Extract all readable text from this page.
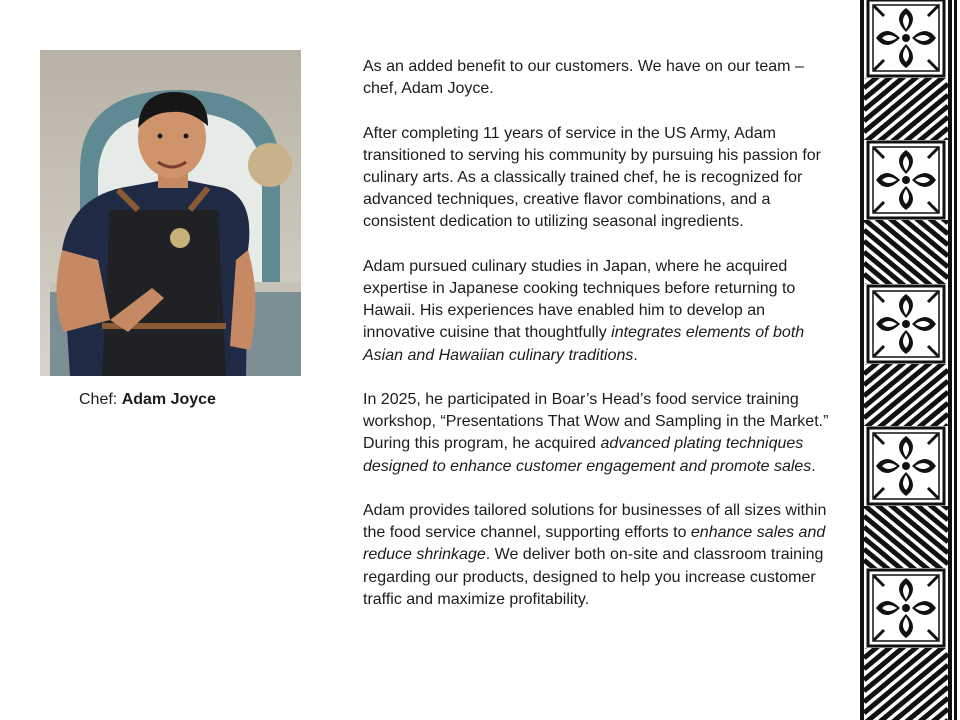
Chef: Adam Joyce

As an added benefit to our customers. We have on our team – chef, Adam Joyce.

After completing 11 years of service in the US Army, Adam transitioned to serving his community by pursuing his passion for culinary arts. As a classically trained chef, he is recognized for advanced techniques, creative flavor combinations, and a consistent dedication to utilizing seasonal ingredients.

Adam pursued culinary studies in Japan, where he acquired expertise in Japanese cooking techniques before returning to Hawaii. His experiences have enabled him to develop an innovative cuisine that thoughtfully integrates elements of both Asian and Hawaiian culinary traditions.

In 2025, he participated in Boar’s Head’s food service training workshop, “Presentations That Wow and Sampling in the Market.” During this program, he acquired advanced plating techniques designed to enhance customer engagement and promote sales.

Adam provides tailored solutions for businesses of all sizes within the food service channel, supporting efforts to enhance sales and reduce shrinkage. We deliver both on-site and classroom training regarding our products, designed to help you increase customer traffic and maximize profitability.
